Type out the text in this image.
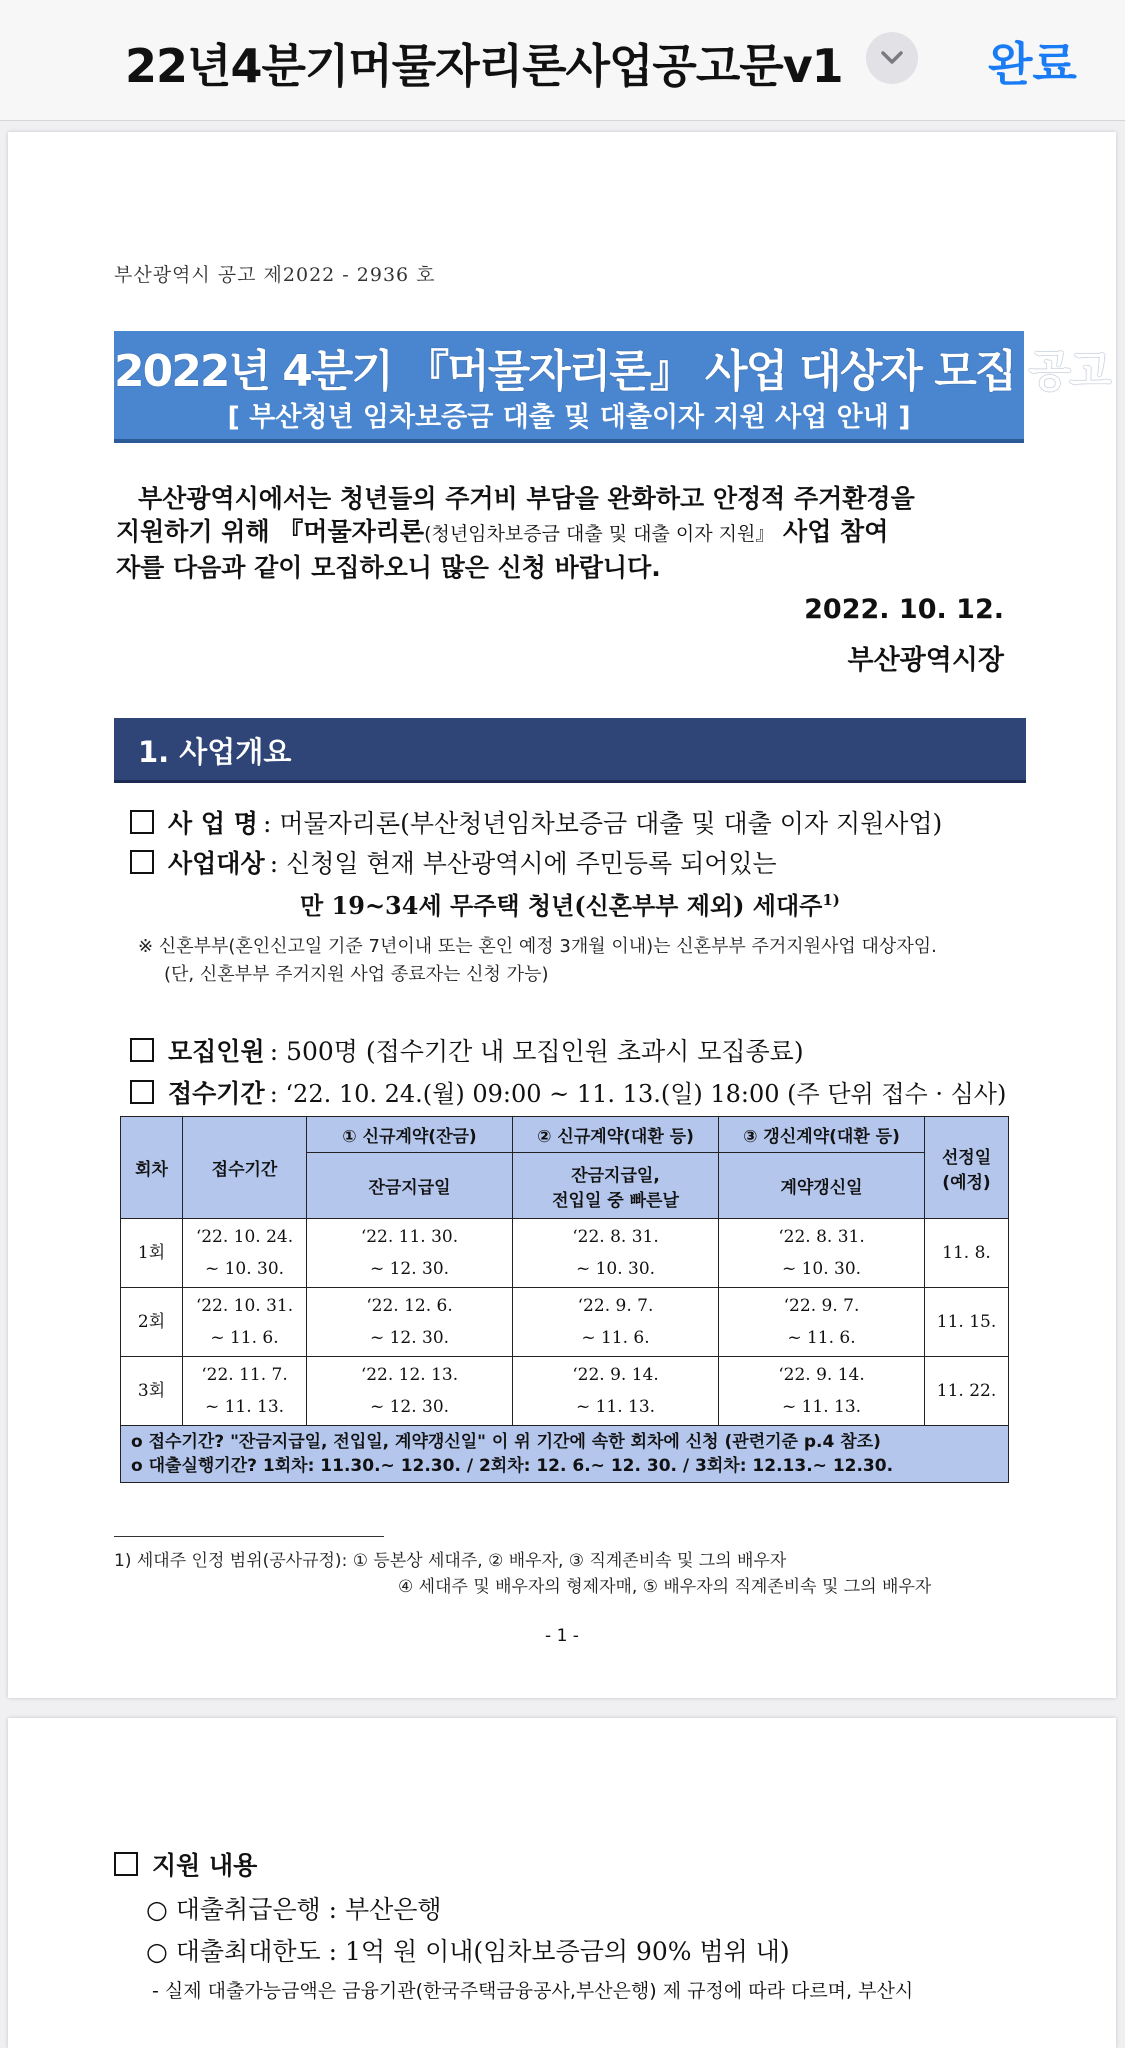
22년4분기머물자리론사업공고문v1	완료
부산광역시 공고 제2022 - 2936 호
2022년 4분기 『머물자리론』 사업 대상자 모집 공고
[ 부산청년 임차보증금 대출 및 대출이자 지원 사업 안내 ]
부산광역시에서는 청년들의 주거비 부담을 완화하고 안정적 주거환경을
지원하기 위해 『머물자리론(청년임차보증금 대출 및 대출 이자 지원』 사업 참여
자를 다음과 같이 모집하오니 많은 신청 바랍니다.
2022. 10. 12.
부산광역시장
1. 사업개요
사 업 명 : 머물자리론(부산청년임차보증금 대출 및 대출 이자 지원사업)
사업대상 : 신청일 현재 부산광역시에 주민등록 되어있는
만 19~34세 무주택 청년(신혼부부 제외) 세대주$^{1)}$
※ 신혼부부(혼인신고일 기준 7년이내 또는 혼인 예정 3개월 이내)는 신혼부부 주거지원사업 대상자임.
(단, 신혼부부 주거지원 사업 종료자는 신청 가능)
모집인원 : 500명 (접수기간 내 모집인원 초과시 모집종료)
접수기간 : ‘22. 10. 24.(월) 09:00 ~ 11. 13.(일) 18:00 (주 단위 접수 · 심사)
회차	접수기간	① 신규계약(잔금)	② 신규계약(대환 등)	③ 갱신계약(대환 등)	선정일
(예정)
		잔금지급일	잔금지급일,
전입일 중 빠른날	계약갱신일	
1회	‘22. 10. 24.
~ 10. 30.	‘22. 11. 30.
~ 12. 30.	‘22. 8. 31.
~ 10. 30.	‘22. 8. 31.
~ 10. 30.	11. 8.
2회	‘22. 10. 31.
~ 11. 6.	‘22. 12. 6.
~ 12. 30.	‘22. 9. 7.
~ 11. 6.	‘22. 9. 7.
~ 11. 6.	11. 15.
3회	‘22. 11. 7.
~ 11. 13.	‘22. 12. 13.
~ 12. 30.	‘22. 9. 14.
~ 11. 13.	‘22. 9. 14.
~ 11. 13.	11. 22.

o 접수기간? "잔금지급일, 전입일, 계약갱신일" 이 위 기간에 속한 회차에 신청 (관련기준 p.4 참조)
o 대출실행기간? 1회차: 11.30.~ 12.30. / 2회차: 12. 6.~ 12. 30. / 3회차: 12.13.~ 12.30.					
1) 세대주 인정 범위(공사규정): ① 등본상 세대주, ② 배우자, ③ 직계존비속 및 그의 배우자
④ 세대주 및 배우자의 형제자매, ⑤ 배우자의 직계존비속 및 그의 배우자
- 1 -
지원 내용
○ 대출취급은행 : 부산은행
○ 대출최대한도 : 1억 원 이내(임차보증금의 90% 범위 내)
- 실제 대출가능금액은 금융기관(한국주택금융공사,부산은행) 제 규정에 따라 다르며, 부산시
